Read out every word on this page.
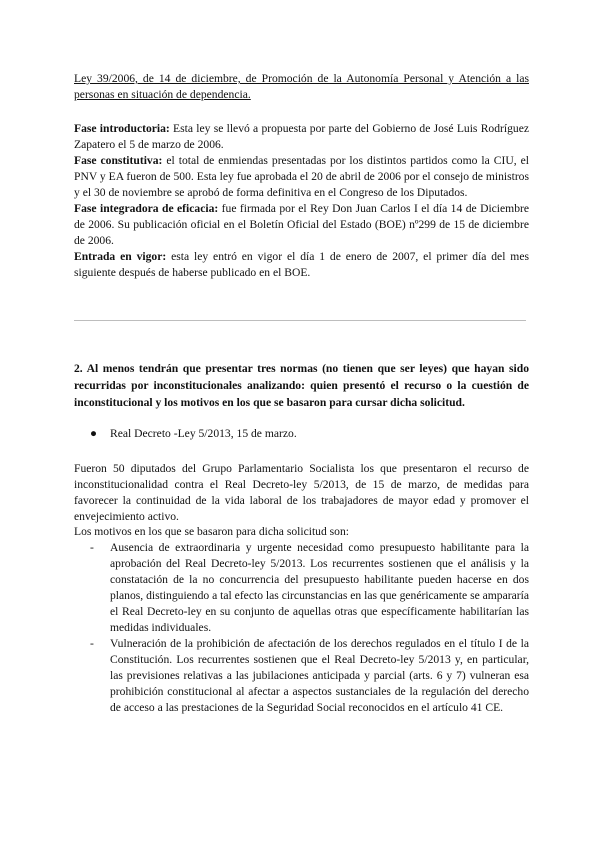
Ley 39/2006, de 14 de diciembre, de Promoción de la Autonomía Personal y Atención a las personas en situación de dependencia.

Fase introductoria: Esta ley se llevó a propuesta por parte del Gobierno de José Luis Rodríguez Zapatero el 5 de marzo de 2006.

Fase constitutiva: el total de enmiendas presentadas por los distintos partidos como la CIU, el PNV y EA fueron de 500. Esta ley fue aprobada el 20 de abril de 2006 por el consejo de ministros y el 30 de noviembre se aprobó de forma definitiva en el Congreso de los Diputados.

Fase integradora de eficacia: fue firmada por el Rey Don Juan Carlos I el día 14 de Diciembre de 2006. Su publicación oficial en el Boletín Oficial del Estado (BOE) nº299 de 15 de diciembre de 2006.

Entrada en vigor: esta ley entró en vigor el día 1 de enero de 2007, el primer día del mes siguiente después de haberse publicado en el BOE.

2. Al menos tendrán que presentar tres normas (no tienen que ser leyes) que hayan sido recurridas por inconstitucionales analizando: quien presentó el recurso o la cuestión de inconstitucional y los motivos en los que se basaron para cursar dicha solicitud.

● Real Decreto -Ley 5/2013, 15 de marzo.

Fueron 50 diputados del Grupo Parlamentario Socialista los que presentaron el recurso de inconstitucionalidad contra el Real Decreto-ley 5/2013, de 15 de marzo, de medidas para favorecer la continuidad de la vida laboral de los trabajadores de mayor edad y promover el envejecimiento activo.

Los motivos en los que se basaron para dicha solicitud son:

- Ausencia de extraordinaria y urgente necesidad como presupuesto habilitante para la aprobación del Real Decreto-ley 5/2013. Los recurrentes sostienen que el análisis y la constatación de la no concurrencia del presupuesto habilitante pueden hacerse en dos planos, distinguiendo a tal efecto las circunstancias en las que genéricamente se ampararía el Real Decreto-ley en su conjunto de aquellas otras que específicamente habilitarían las medidas individuales.

- Vulneración de la prohibición de afectación de los derechos regulados en el título I de la Constitución. Los recurrentes sostienen que el Real Decreto-ley 5/2013 y, en particular, las previsiones relativas a las jubilaciones anticipada y parcial (arts. 6 y 7) vulneran esa prohibición constitucional al afectar a aspectos sustanciales de la regulación del derecho de acceso a las prestaciones de la Seguridad Social reconocidos en el artículo 41 CE.
